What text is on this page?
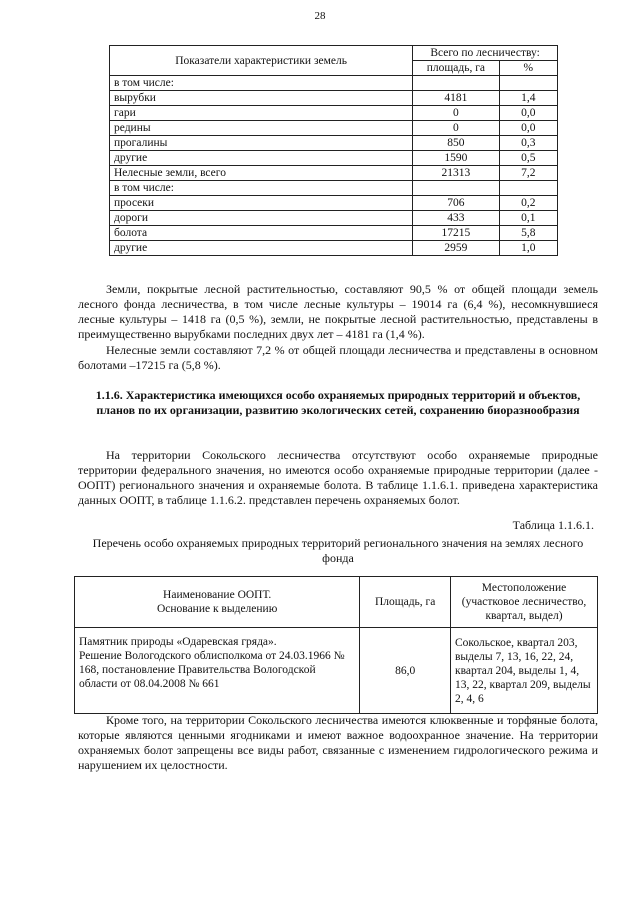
28
Показатели характеристики земель	Всего по лесничеству:	
	площадь, га	%
в том числе:		
вырубки	4181	1,4
гари	0	0,0
редины	0	0,0
прогалины	850	0,3
другие	1590	0,5
Нелесные земли, всего	21313	7,2
в том числе:		
просеки	706	0,2
дороги	433	0,1
болота	17215	5,8
другие	2959	1,0

Земли, покрытые лесной растительностью, составляют 90,5 % от общей площади земель лесного фонда лесничества, в том числе лесные культуры – 19014 га (6,4 %), несомкнувшиеся лесные культуры – 1418 га (0,5 %), земли, не покрытые лесной растительностью, представлены в преимущественно вырубками последних двух лет – 4181 га (1,4 %).

Нелесные земли составляют 7,2 % от общей площади лесничества и представлены в основном болотами –17215 га (5,8 %).

1.1.6. Характеристика имеющихся особо охраняемых природных территорий и объектов, планов по их организации, развитию экологических сетей, сохранению биоразнообразия

На территории Сокольского лесничества отсутствуют особо охраняемые природные территории федерального значения, но имеются особо охраняемые природные территории (далее - ООПТ) регионального значения и охраняемые болота. В таблице 1.1.6.1. приведена характеристика данных ООПТ, в таблице 1.1.6.2. представлен перечень охраняемых болот.

Таблица 1.1.6.1.

Перечень особо охраняемых природных территорий регионального значения на землях лесного фонда

Наименование ООПТ.
Основание к выделению	Площадь, га	Местоположение (участковое лесничество, квартал, выдел)
Памятник природы «Одаревская гряда».
Решение Вологодского облисполкома от 24.03.1966 № 168, постановление Правительства Вологодской области от 08.04.2008 № 661	86,0	Сокольское, квартал 203, выделы 7, 13, 16, 22, 24, квартал 204, выделы 1, 4, 13, 22, квартал 209, выделы 2, 4, 6

Кроме того, на территории Сокольского лесничества имеются клюквенные и торфяные болота, которые являются ценными ягодниками и имеют важное водоохранное значение. На территории охраняемых болот запрещены все виды работ, связанные с изменением гидрологического режима и нарушением их целостности.
